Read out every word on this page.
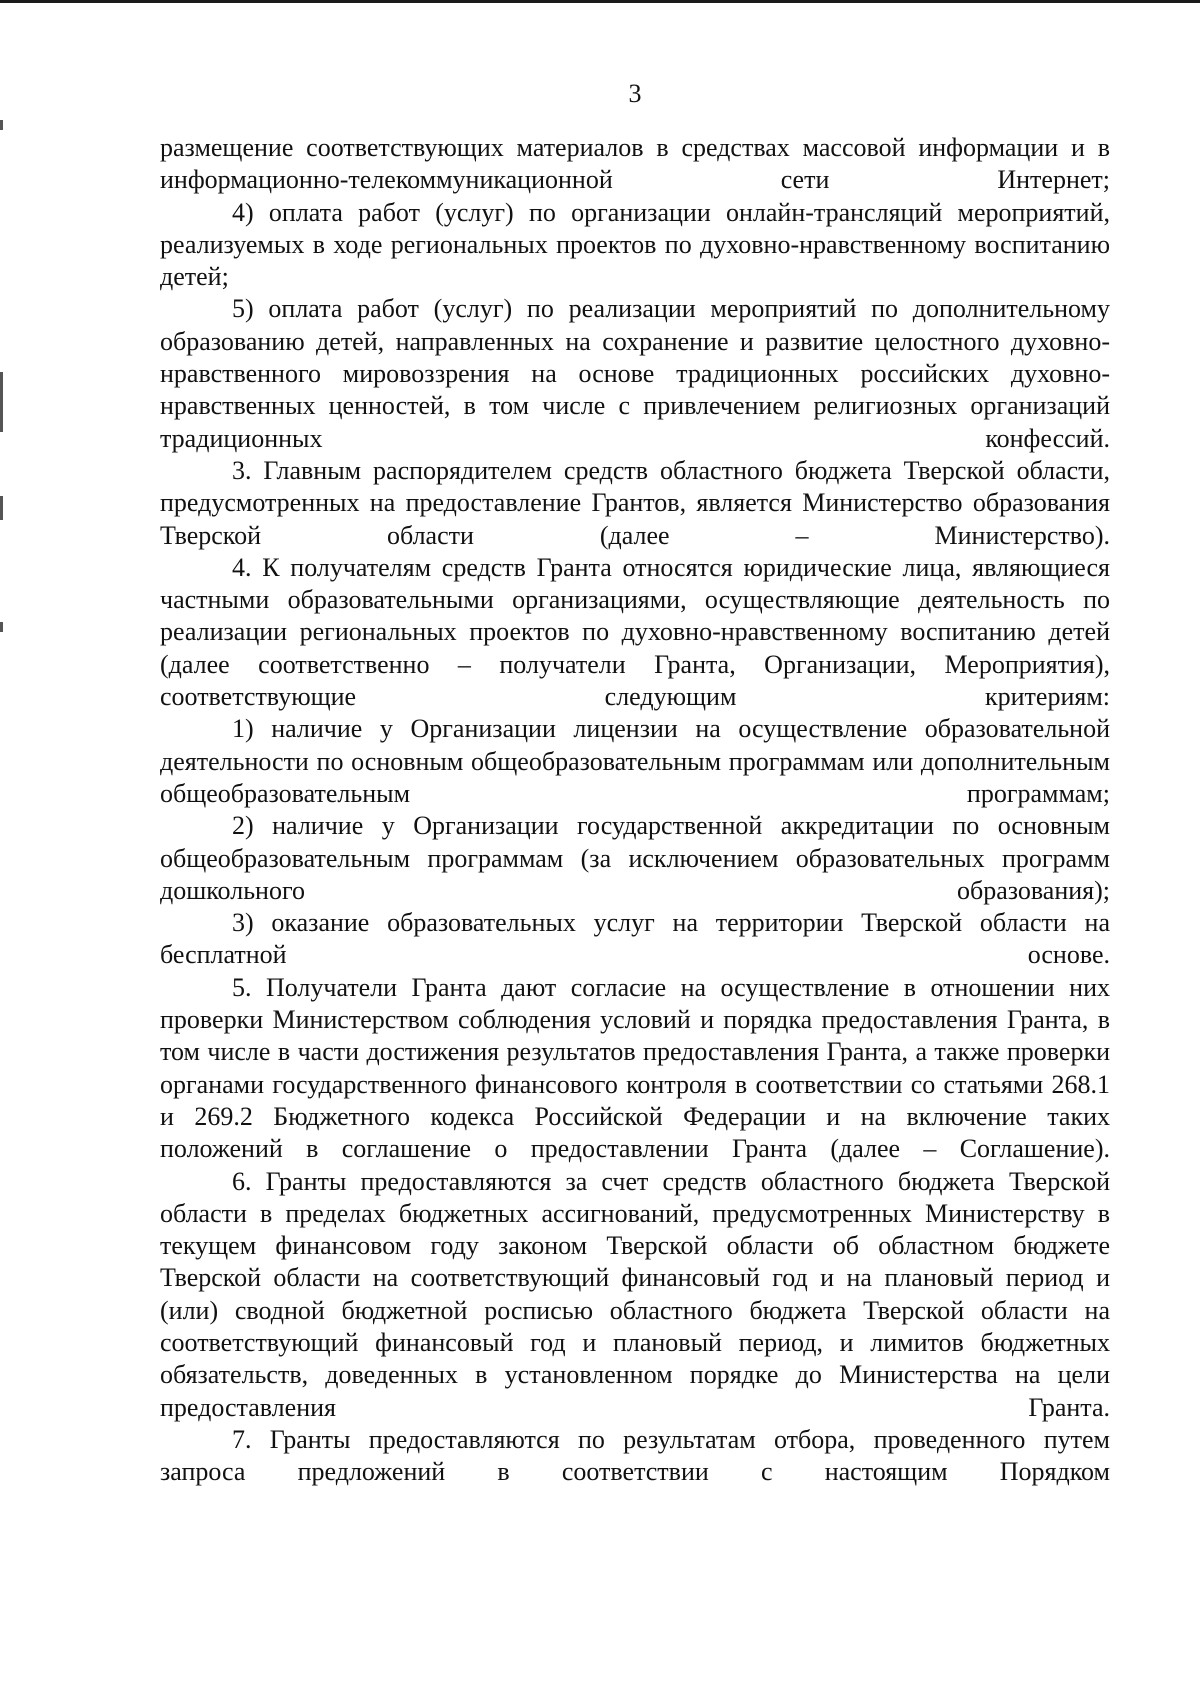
3

размещение соответствующих материалов в средствах массовой информации и в информационно-телекоммуникационной сети Интернет;

4) оплата работ (услуг) по организации онлайн-трансляций мероприятий, реализуемых в ходе региональных проектов по духовно-нравственному воспитанию детей;

5) оплата работ (услуг) по реализации мероприятий по дополнительному образованию детей, направленных на сохранение и развитие целостного духовно-нравственного мировоззрения на основе традиционных российских духовно-нравственных ценностей, в том числе с привлечением религиозных организаций традиционных конфессий.

3. Главным распорядителем средств областного бюджета Тверской области, предусмотренных на предоставление Грантов, является Министерство образования Тверской области (далее – Министерство).

4. К получателям средств Гранта относятся юридические лица, являющиеся частными образовательными организациями, осуществляющие деятельность по реализации региональных проектов по духовно-нравственному воспитанию детей (далее соответственно – получатели Гранта, Организации, Мероприятия), соответствующие следующим критериям:

1) наличие у Организации лицензии на осуществление образовательной деятельности по основным общеобразовательным программам или дополнительным общеобразовательным программам;

2) наличие у Организации государственной аккредитации по основным общеобразовательным программам (за исключением образовательных программ дошкольного образования);

3) оказание образовательных услуг на территории Тверской области на бесплатной основе.

5. Получатели Гранта дают согласие на осуществление в отношении них проверки Министерством соблюдения условий и порядка предоставления Гранта, в том числе в части достижения результатов предоставления Гранта, а также проверки органами государственного финансового контроля в соответствии со статьями 268.1 и 269.2 Бюджетного кодекса Российской Федерации и на включение таких положений в соглашение о предоставлении Гранта (далее – Соглашение).

6. Гранты предоставляются за счет средств областного бюджета Тверской области в пределах бюджетных ассигнований, предусмотренных Министерству в текущем финансовом году законом Тверской области об областном бюджете Тверской области на соответствующий финансовый год и на плановый период и (или) сводной бюджетной росписью областного бюджета Тверской области на соответствующий финансовый год и плановый период, и лимитов бюджетных обязательств, доведенных в установленном порядке до Министерства на цели предоставления Гранта.

7. Гранты предоставляются по результатам отбора, проведенного путем запроса предложений в соответствии с настоящим Порядком
